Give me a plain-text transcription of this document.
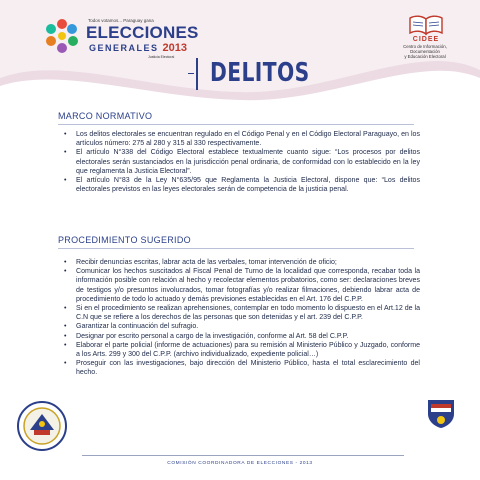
Todos votamos... Paraguay gana
ELECCIONES
GENERALES 2013
Justicia Electoral
CIDEE
Centro de Información,
Documentación
y Educación Electoral
DELITOS
MARCO NORMATIVO
• Los delitos electorales se encuentran regulado en el Código Penal y en el Código Electoral Paraguayo, en los artículos número: 275 al 280 y 315 al 330 respectivamente.
• El artículo N°338 del Código Electoral establece textualmente cuanto sigue: “Los procesos por delitos electorales serán sustanciados en la jurisdicción penal ordinaria, de conformidad con lo establecido en la ley que reglamenta la Justicia Electoral”.
• El artículo N°83 de la Ley N°635/95 que Reglamenta la Justicia Electoral, dispone que: “Los delitos electorales previstos en las leyes electorales serán de competencia de la justicia penal.
PROCEDIMIENTO SUGERIDO
• Recibir denuncias escritas, labrar acta de las verbales, tomar intervención de oficio;
• Comunicar los hechos suscitados al Fiscal Penal de Turno de la localidad que corresponda, recabar toda la información posible con relación al hecho y recolectar elementos probatorios, como ser: declaraciones breves de testigos y/o presuntos involucrados, tomar fotografías y/o realizar filmaciones, debiendo labrar acta de procedimiento de todo lo actuado y demás previsiones establecidas en el Art. 176 del C.P.P.
• Si en el procedimiento se realizan aprehensiones, contemplar en todo momento lo dispuesto en el Art.12 de la C.N que se refiere a los derechos de las personas que son detenidas y el art. 239 del C.P.P.
• Garantizar la continuación del sufragio.
• Designar por escrito personal a cargo de la investigación, conforme al Art. 58 del C.P.P.
• Elaborar el parte policial (informe de actuaciones) para su remisión al Ministerio Público y Juzgado, conforme a los Arts. 299 y 300 del C.P.P. (archivo individualizado, expediente policial…)
• Proseguir con las investigaciones, bajo dirección del Ministerio Público, hasta el total esclarecimiento del hecho.
COMISIÓN COORDINADORA DE ELECCIONES - 2013
